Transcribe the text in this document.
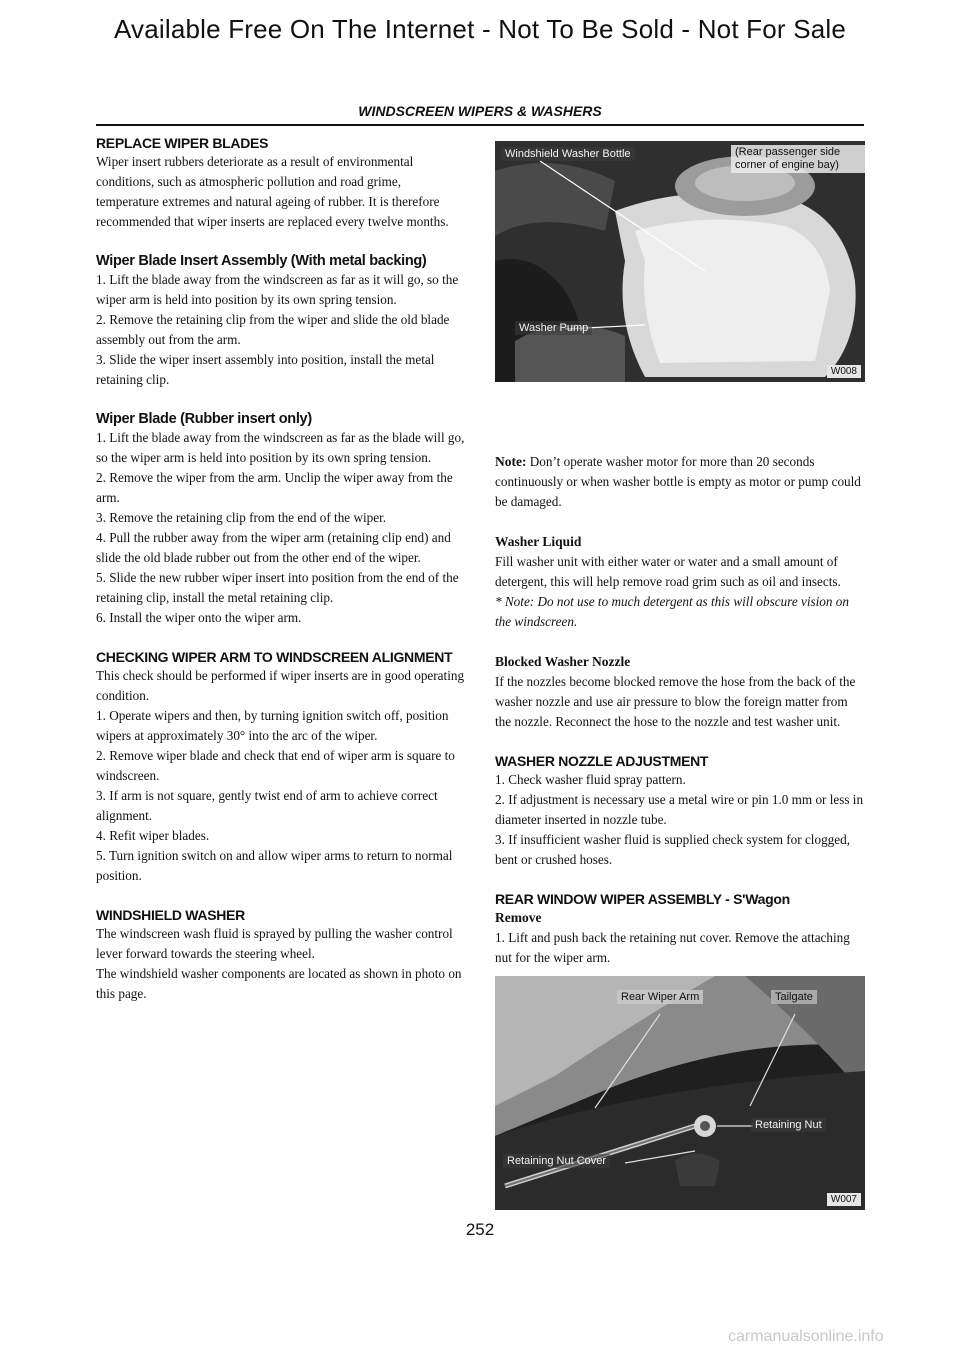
Available Free On The Internet - Not To Be Sold - Not For Sale
WINDSCREEN WIPERS & WASHERS

REPLACE WIPER BLADES

Wiper insert rubbers deteriorate as a result of environmental conditions, such as atmospheric pollution and road grime, temperature extremes and natural ageing of rubber. It is therefore recommended that wiper inserts are replaced every twelve months.

Wiper Blade Insert Assembly (With metal backing)

1. Lift the blade away from the windscreen as far as it will go, so the wiper arm is held into position by its own spring tension.

2. Remove the retaining clip from the wiper and slide the old blade assembly out from the arm.

3. Slide the wiper insert assembly into position, install the metal retaining clip.

Wiper Blade (Rubber insert only)

1. Lift the blade away from the windscreen as far as the blade will go, so the wiper arm is held into position by its own spring tension.

2. Remove the wiper from the arm. Unclip the wiper away from the arm.

3. Remove the retaining clip from the end of the wiper.

4. Pull the rubber away from the wiper arm (retaining clip end) and slide the old blade rubber out from the other end of the wiper.

5. Slide the new rubber wiper insert into position from the end of the retaining clip, install the metal retaining clip.

6. Install the wiper onto the wiper arm.

CHECKING WIPER ARM TO WINDSCREEN ALIGNMENT

This check should be performed if wiper inserts are in good operating condition.

1. Operate wipers and then, by turning ignition switch off, position wipers at approximately 30° into the arc of the wiper.

2. Remove wiper blade and check that end of wiper arm is square to windscreen.

3. If arm is not square, gently twist end of arm to achieve correct alignment.

4. Refit wiper blades.

5. Turn ignition switch on and allow wiper arms to return to normal position.

WINDSHIELD WASHER

The windscreen wash fluid is sprayed by pulling the washer control lever forward towards the steering wheel.

The windshield washer components are located as shown in photo on this page.

Windshield Washer Bottle	(Rear passenger side corner of engine bay)
Washer Pump
W008

Note: Don’t operate washer motor for more than 20 seconds continuously or when washer bottle is empty as motor or pump could be damaged.

Washer Liquid

Fill washer unit with either water or water and a small amount of detergent, this will help remove road grim such as oil and insects.

* Note: Do not use to much detergent as this will obscure vision on the windscreen.

Blocked Washer Nozzle

If the nozzles become blocked remove the hose from the back of the washer nozzle and use air pressure to blow the foreign matter from the nozzle. Reconnect the hose to the nozzle and test washer unit.

WASHER NOZZLE ADJUSTMENT

1. Check washer fluid spray pattern.

2. If adjustment is necessary use a metal wire or pin 1.0 mm or less in diameter inserted in nozzle tube.

3. If insufficient washer fluid is supplied check system for clogged, bent or crushed hoses.

REAR WINDOW WIPER ASSEMBLY - S'Wagon

Remove

1. Lift and push back the retaining nut cover. Remove the attaching nut for the wiper arm.

Rear Wiper Arm	Tailgate
Retaining Nut
Retaining Nut Cover
W007
252
carmanualsonline.info
